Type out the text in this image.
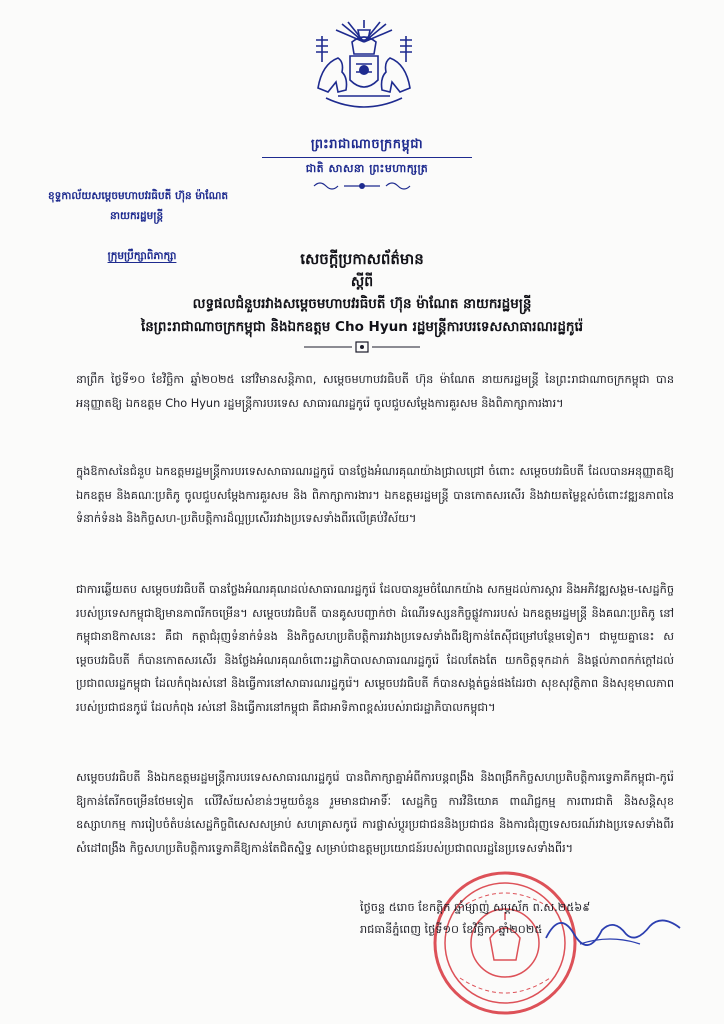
ព្រះរាជាណាចក្រកម្ពុជា
ជាតិ សាសនា ព្រះមហាក្សត្រ
ខុទ្ទកាល័យសម្តេចមហាបវរធិបតី ហ៊ុន ម៉ាណែត
នាយករដ្ឋមន្ត្រី
ក្រុមប្រឹក្សាពិភាក្សា	សេចក្តីប្រកាសព័ត៌មាន
ស្តីពី
លទ្ធផលជំនួបរវាងសម្តេចមហាបវរធិបតី ហ៊ុន ម៉ាណែត នាយករដ្ឋមន្ត្រី
នៃព្រះរាជាណាចក្រកម្ពុជា និងឯកឧត្តម Cho Hyun រដ្ឋមន្ត្រីការបរទេសសាធារណរដ្ឋកូរ៉េ
នាព្រឹក ថ្ងៃទី១០ ខែវិច្ឆិកា ឆ្នាំ២០២៥ នៅវិមានសន្តិភាព, សម្តេចមហាបវរធិបតី ហ៊ុន ម៉ាណែត នាយករដ្ឋមន្ត្រី នៃព្រះរាជាណាចក្រកម្ពុជា បានអនុញ្ញាតឱ្យ ឯកឧត្តម Cho Hyun រដ្ឋមន្ត្រីការបរទេស សាធារណរដ្ឋកូរ៉េ ចូលជួបសម្តែងការគួរសម និងពិភាក្សាការងារ។
ក្នុងឱកាសនៃជំនួប ឯកឧត្តមរដ្ឋមន្ត្រីការបរទេសសាធារណរដ្ឋកូរ៉េ បានថ្លែងអំណរគុណយ៉ាងជ្រាលជ្រៅ ចំពោះ សម្តេចបវរធិបតី ដែលបានអនុញ្ញាតឱ្យ ឯកឧត្តម និងគណៈប្រតិភូ ចូលជួបសម្តែងការគួរសម និង ពិភាក្សាការងារ។ ឯកឧត្តមរដ្ឋមន្ត្រី បានកោតសរសើរ និងវាយតម្លៃខ្ពស់ចំពោះវឌ្ឍនភាពនៃទំនាក់ទំនង និងកិច្ចសហ-ប្រតិបត្តិការដ៏ល្អប្រសើររវាងប្រទេសទាំងពីរលើគ្រប់វិស័យ។
ជាការឆ្លើយតប សម្តេចបវរធិបតី បានថ្លែងអំណរគុណដល់សាធារណរដ្ឋកូរ៉េ ដែលបានរួមចំណែកយ៉ាង សកម្មដល់ការស្តារ និងអភិវឌ្ឍសង្គម-សេដ្ឋកិច្ចរបស់ប្រទេសកម្ពុជាឱ្យមានភាពរីកចម្រើន។ សម្តេចបវរធិបតី បានគូសបញ្ជាក់ថា ដំណើរទស្សនកិច្ចផ្លូវការរបស់ ឯកឧត្តមរដ្ឋមន្ត្រី និងគណៈប្រតិភូ នៅកម្ពុជានាឱកាសនេះ គឺជា កត្តាជំរុញទំនាក់ទំនង និងកិច្ចសហប្រតិបត្តិការរវាងប្រទេសទាំងពីរឱ្យកាន់តែស៊ីជម្រៅបន្ថែមទៀត។ ជាមួយគ្នានេះ សម្តេចបវរធិបតី ក៏បានកោតសរសើរ និងថ្លែងអំណរគុណចំពោះរដ្ឋាភិបាលសាធារណរដ្ឋកូរ៉េ ដែលតែងតែ យកចិត្តទុកដាក់ និងផ្តល់ភាពកក់ក្តៅដល់ប្រជាពលរដ្ឋកម្ពុជា ដែលកំពុងរស់នៅ និងធ្វើការនៅសាធារណរដ្ឋកូរ៉េ។ សម្តេចបវរធិបតី ក៏បានសង្កត់ធ្ងន់ផងដែរថា សុខសុវត្ថិភាព និងសុខុមាលភាពរបស់ប្រជាជនកូរ៉េ ដែលកំពុង រស់នៅ និងធ្វើការនៅកម្ពុជា គឺជាអាទិភាពខ្ពស់របស់រាជរដ្ឋាភិបាលកម្ពុជា។
សម្តេចបវរធិបតី និងឯកឧត្តមរដ្ឋមន្ត្រីការបរទេសសាធារណរដ្ឋកូរ៉េ បានពិភាក្សាគ្នាអំពីការបន្តពង្រឹង និងពង្រីកកិច្ចសហប្រតិបត្តិការទ្វេភាគីកម្ពុជា-កូរ៉េ ឱ្យកាន់តែរីកចម្រើនថែមទៀត លើវិស័យសំខាន់ៗមួយចំនួន រួមមានជាអាទិ៍ៈ សេដ្ឋកិច្ច ការវិនិយោគ ពាណិជ្ជកម្ម ការពារជាតិ និងសន្តិសុខ ឧស្សាហកម្ម ការរៀបចំតំបន់សេដ្ឋកិច្ចពិសេសសម្រាប់ សហគ្រាសកូរ៉េ ការផ្លាស់ប្តូរប្រជាជននិងប្រជាជន និងការជំរុញទេសចរណ៍រវាងប្រទេសទាំងពីរ សំដៅពង្រឹង កិច្ចសហប្រតិបត្តិការទ្វេភាគីឱ្យកាន់តែជិតស្និទ្ធ សម្រាប់ជាឧត្តមប្រយោជន៍របស់ប្រជាពលរដ្ឋនៃប្រទេសទាំងពីរ។
ថ្ងៃចន្ទ ៥រោច ខែកត្តិក ឆ្នាំម្សាញ់ សប្តស័ក ព.ស.២៥៦៩
រាជធានីភ្នំពេញ ថ្ងៃទី១០ ខែវិច្ឆិកា ឆ្នាំ២០២៥
